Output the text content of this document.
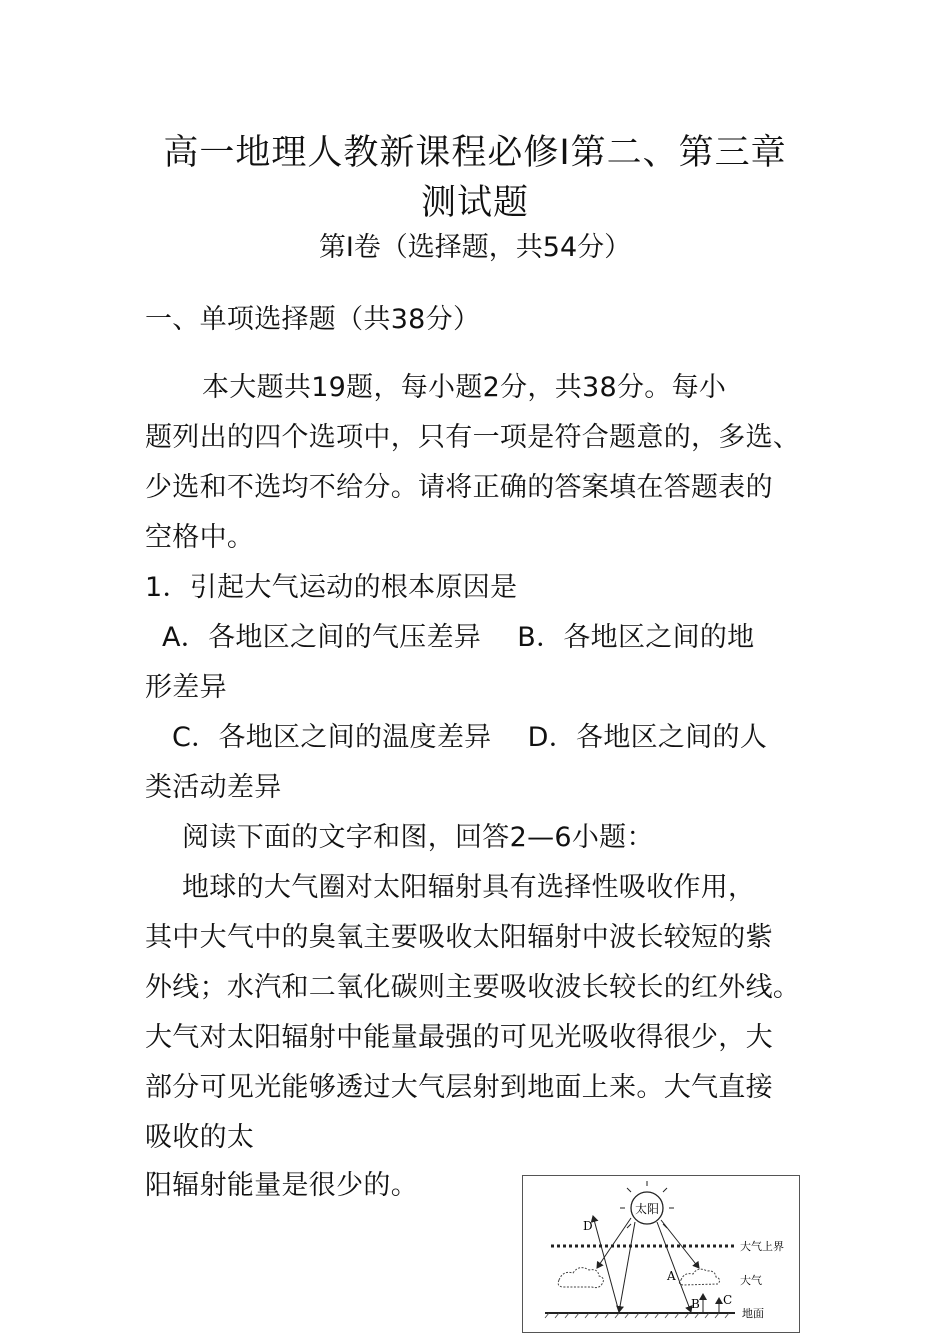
高一地理人教新课程必修Ⅰ第二、第三章
测试题
第Ⅰ卷（选择题，共54分）
一、单项选择题（共38分）
本大题共19题，每小题2分，共38分。每小
题列出的四个选项中，只有一项是符合题意的，多选、
少选和不选均不给分。请将正确的答案填在答题表的
空格中。
1．引起大气运动的根本原因是
A．各地区之间的气压差异　 B．各地区之间的地
形差异
C．各地区之间的温度差异　 D．各地区之间的人
类活动差异
阅读下面的文字和图，回答2—6小题：
地球的大气圈对太阳辐射具有选择性吸收作用，
其中大气中的臭氧主要吸收太阳辐射中波长较短的紫
外线；水汽和二氧化碳则主要吸收波长较长的红外线。
大气对太阳辐射中能量最强的可见光吸收得很少，大
部分可见光能够透过大气层射到地面上来。大气直接
吸收的太
阳辐射能量是很少的。
太阳
大气上界
大气
地面
D
A
B C
